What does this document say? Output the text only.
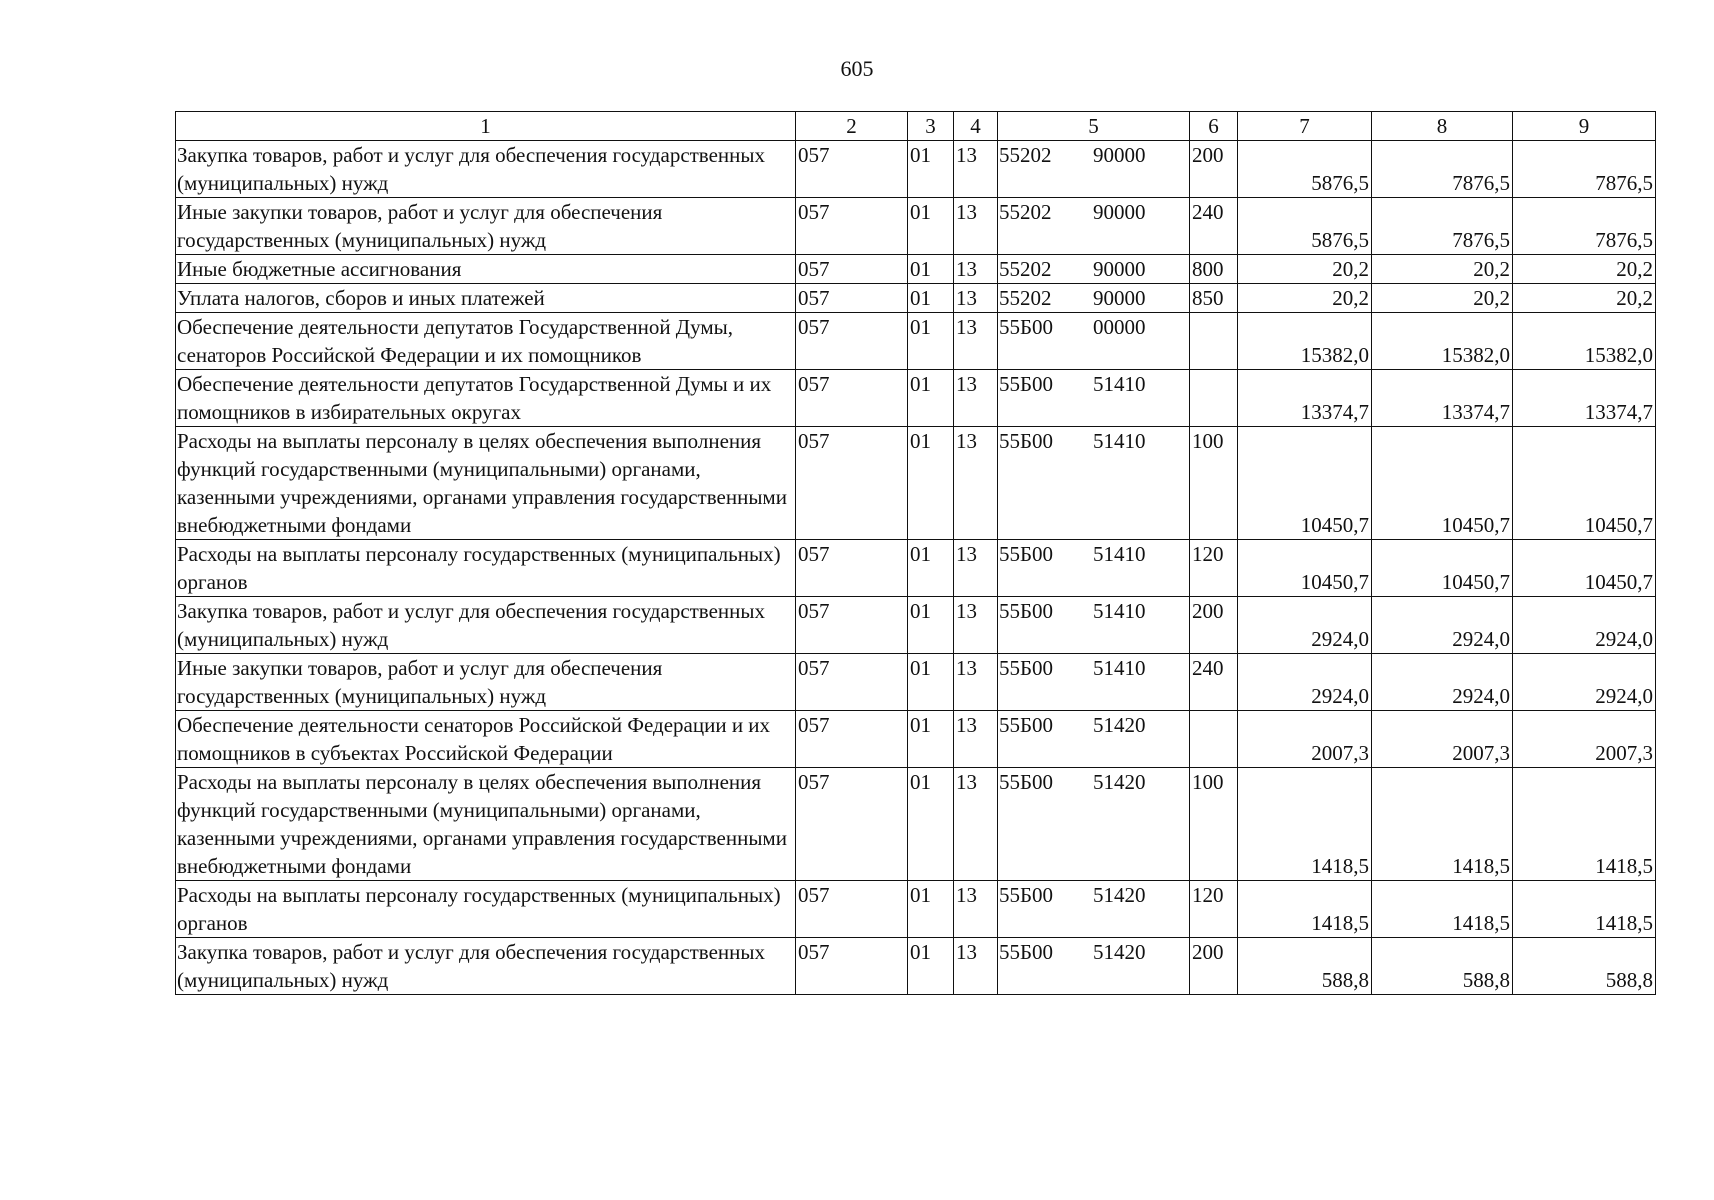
605
1	2	3	4	5	6	7	8	9
Закупка товаров, работ и услуг для обеспечения государственных (муниципальных) нужд	057	01	13	55202 90000	200	5876,5	7876,5	7876,5
Иные закупки товаров, работ и услуг для обеспечения государственных (муниципальных) нужд	057	01	13	55202 90000	240	5876,5	7876,5	7876,5
Иные бюджетные ассигнования	057	01	13	55202 90000	800	20,2	20,2	20,2
Уплата налогов, сборов и иных платежей	057	01	13	55202 90000	850	20,2	20,2	20,2
Обеспечение деятельности депутатов Государственной Думы, сенаторов Российской Федерации и их помощников	057	01	13	55Б00 00000		15382,0	15382,0	15382,0
Обеспечение деятельности депутатов Государственной Думы и их помощников в избирательных округах	057	01	13	55Б00 51410		13374,7	13374,7	13374,7
Расходы на выплаты персоналу в целях обеспечения выполнения функций государственными (муниципальными) органами, казенными учреждениями, органами управления государственными внебюджетными фондами	057	01	13	55Б00 51410	100	10450,7	10450,7	10450,7
Расходы на выплаты персоналу государственных (муниципальных) органов	057	01	13	55Б00 51410	120	10450,7	10450,7	10450,7
Закупка товаров, работ и услуг для обеспечения государственных (муниципальных) нужд	057	01	13	55Б00 51410	200	2924,0	2924,0	2924,0
Иные закупки товаров, работ и услуг для обеспечения государственных (муниципальных) нужд	057	01	13	55Б00 51410	240	2924,0	2924,0	2924,0
Обеспечение деятельности сенаторов Российской Федерации и их помощников в субъектах Российской Федерации	057	01	13	55Б00 51420		2007,3	2007,3	2007,3
Расходы на выплаты персоналу в целях обеспечения выполнения функций государственными (муниципальными) органами, казенными учреждениями, органами управления государственными внебюджетными фондами	057	01	13	55Б00 51420	100	1418,5	1418,5	1418,5
Расходы на выплаты персоналу государственных (муниципальных) органов	057	01	13	55Б00 51420	120	1418,5	1418,5	1418,5
Закупка товаров, работ и услуг для обеспечения государственных (муниципальных) нужд	057	01	13	55Б00 51420	200	588,8	588,8	588,8
